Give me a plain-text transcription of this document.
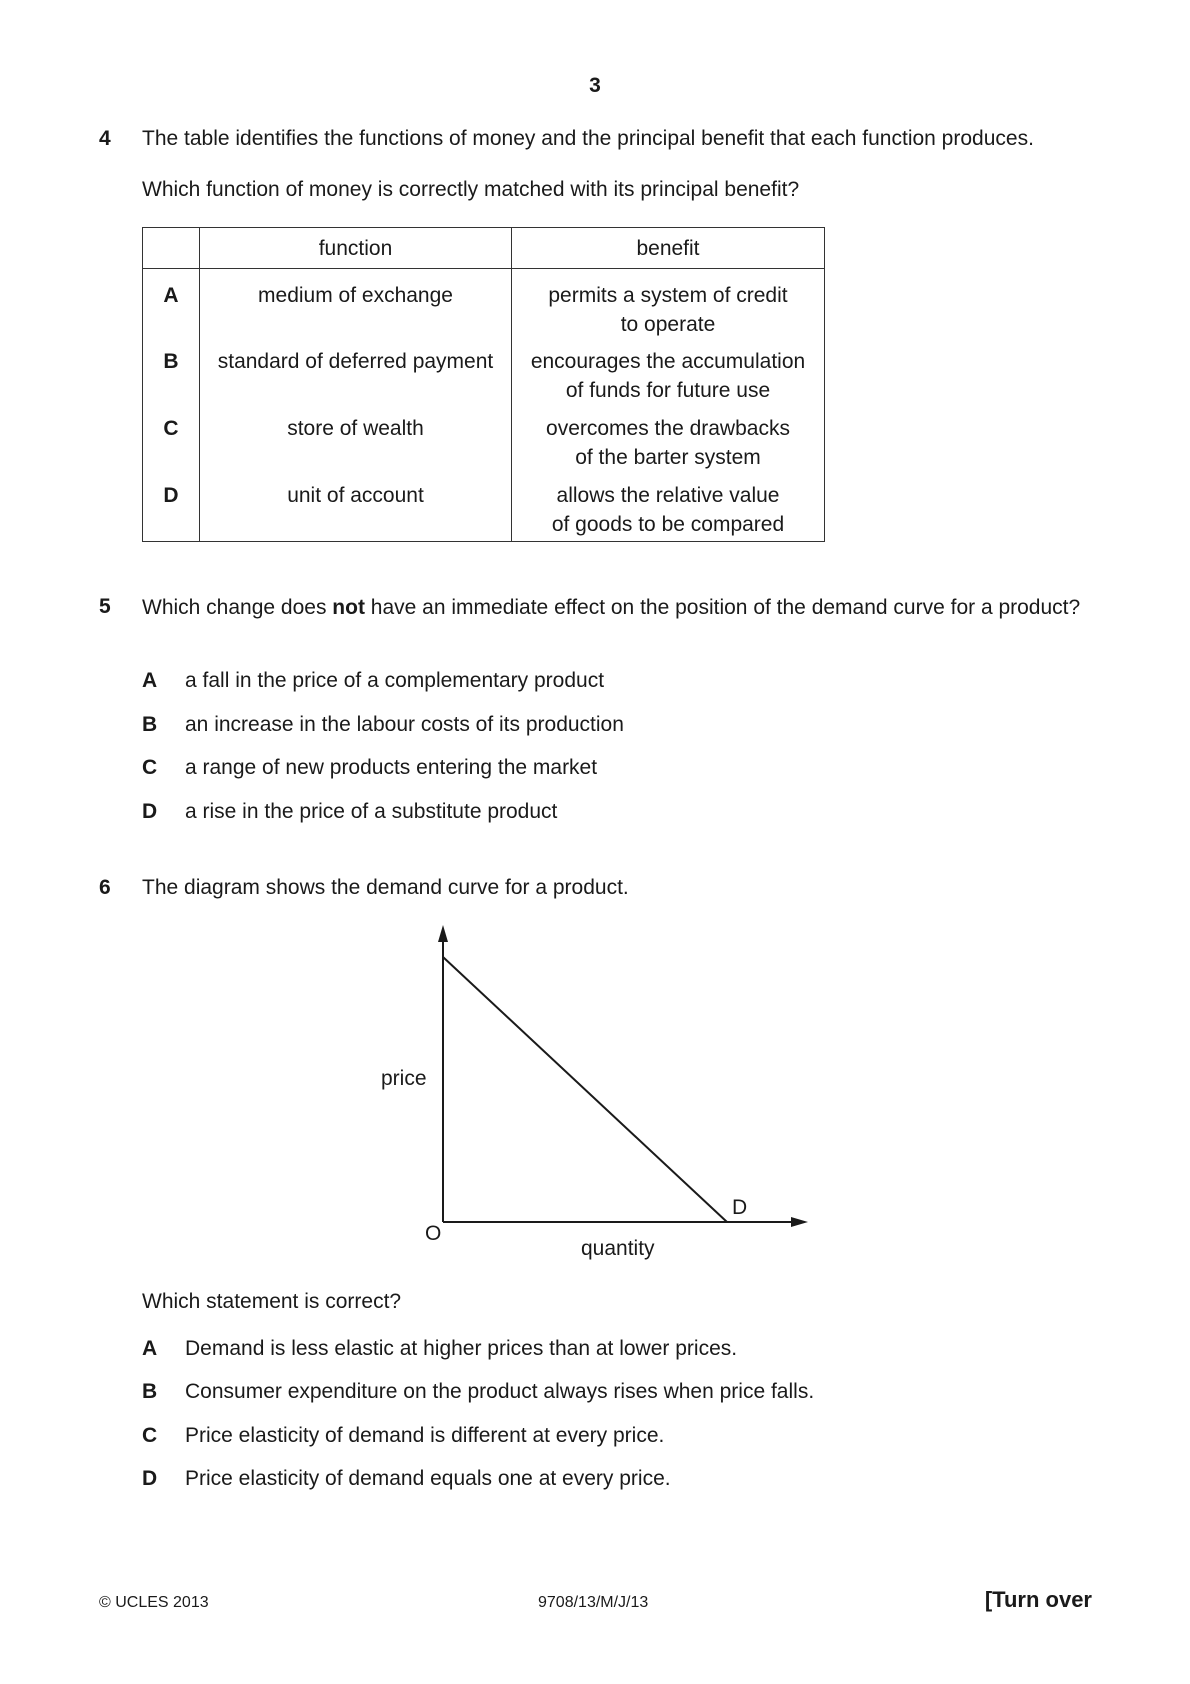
3
4 The table identifies the functions of money and the principal benefit that each function produces.
Which function of money is correctly matched with its principal benefit?
	function	benefit
A	medium of exchange	permits a system of credit
to operate
B	standard of deferred payment	encourages the accumulation
of funds for future use
C	store of wealth	overcomes the drawbacks
of the barter system
D	unit of account	allows the relative value
of goods to be compared
5 Which change does not have an immediate effect on the position of the demand curve for a product?
A a fall in the price of a complementary product
B an increase in the labour costs of its production
C a range of new products entering the market
D a rise in the price of a substitute product
6 The diagram shows the demand curve for a product.
price
quantity
O
D
Which statement is correct?
A Demand is less elastic at higher prices than at lower prices.
B Consumer expenditure on the product always rises when price falls.
C Price elasticity of demand is different at every price.
D Price elasticity of demand equals one at every price.
© UCLES 2013	9708/13/M/J/13	[Turn over
